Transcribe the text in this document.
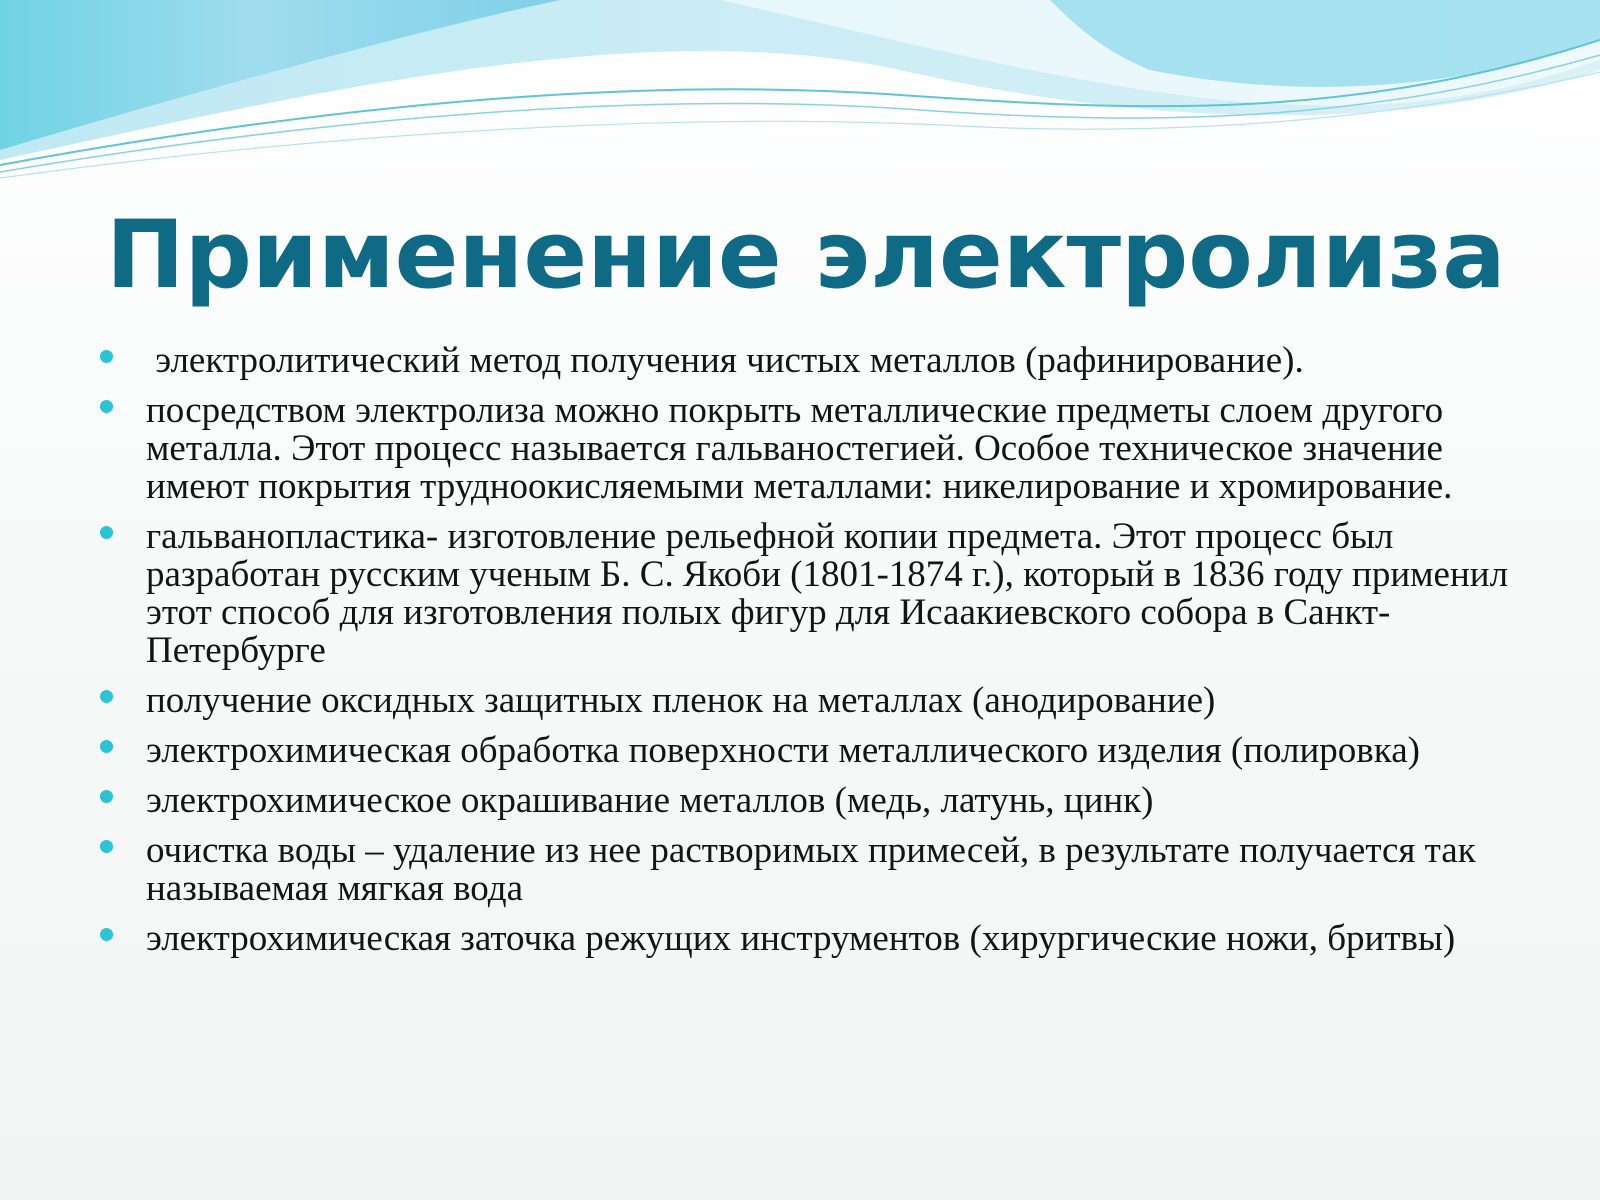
Применение электролиза
электролитический метод получения чистых металлов (рафинирование).
посредством электролиза можно покрыть металлические предметы слоем другого металла. Этот процесс называется гальваностегией. Особое техническое значение имеют покрытия трудноокисляемыми металлами: никелирование и хромирование.
гальванопластика- изготовление рельефной копии предмета. Этот процесс был разработан русским ученым Б. С. Якоби (1801-1874 г.), который в 1836 году применил этот способ для изготовления полых фигур для Исаакиевского собора в Санкт-Петербурге
получение оксидных защитных пленок на металлах (анодирование)
электрохимическая обработка поверхности металлического изделия (полировка)
электрохимическое окрашивание металлов (медь, латунь, цинк)
очистка воды – удаление из нее растворимых примесей, в результате получается так называемая мягкая вода
электрохимическая заточка режущих инструментов (хирургические ножи, бритвы)
